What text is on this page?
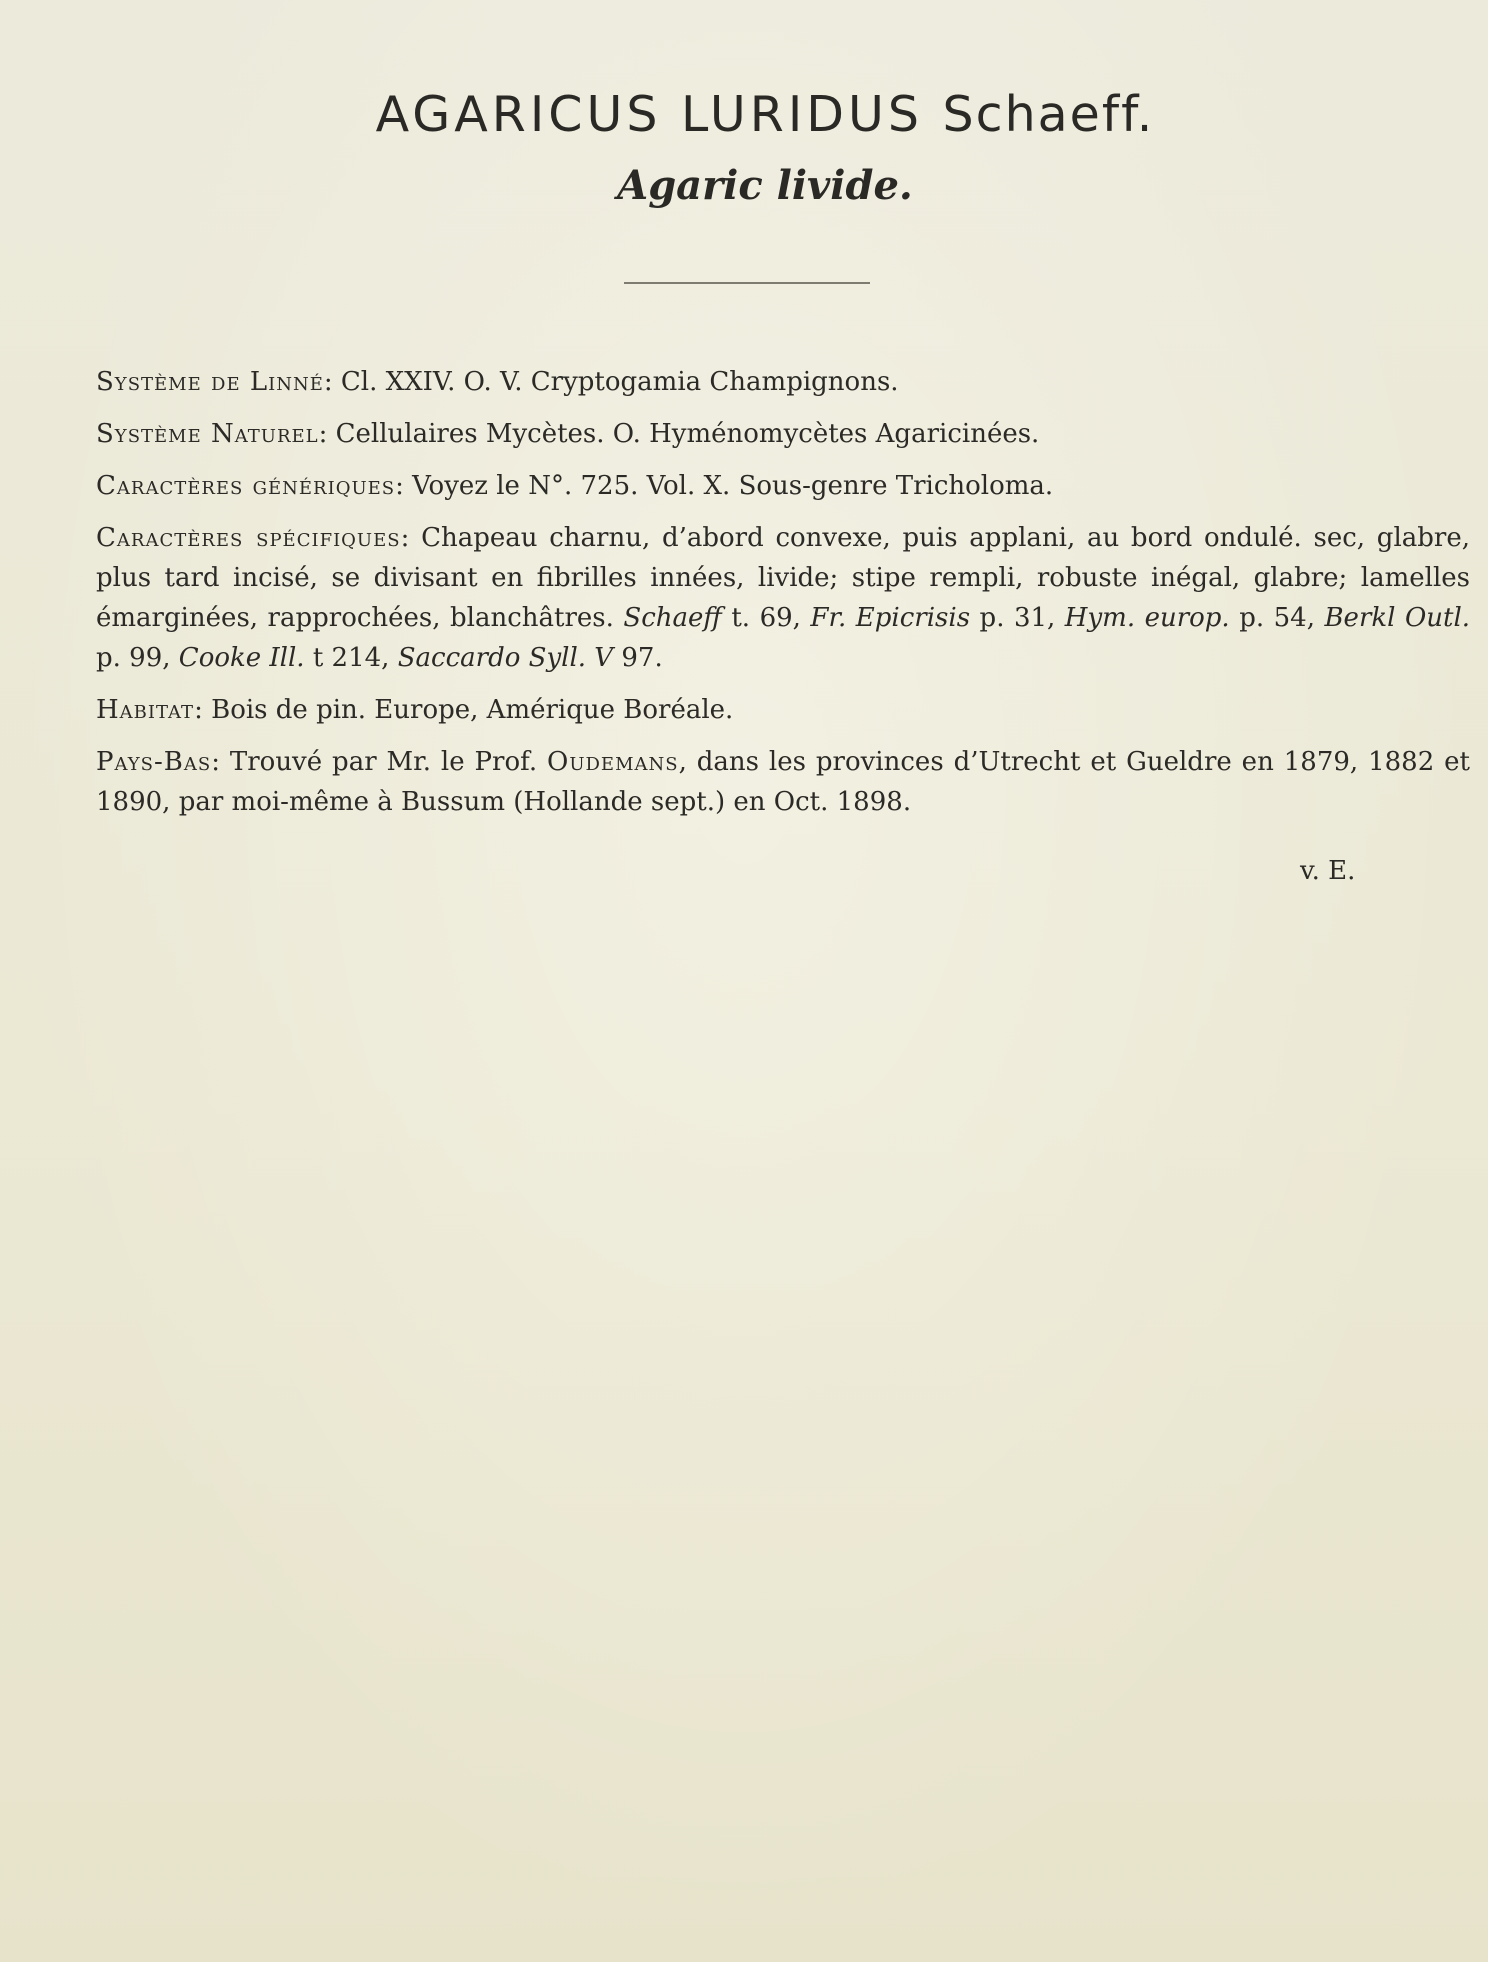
AGARICUS LURIDUS Schaeff.
Agaric livide.

Système de Linné: Cl. XXIV. O. V. Cryptogamia Champignons.

Système Naturel: Cellulaires Mycètes. O. Hyménomycètes Agaricinées.

Caractères génériques: Voyez le N°. 725. Vol. X. Sous-genre Tricholoma.

Caractères spécifiques: Chapeau charnu, d’abord convexe, puis applani, au bord ondulé. sec, glabre, plus tard incisé, se divisant en fibrilles innées, livide; stipe rempli, robuste inégal, glabre; lamelles émarginées, rapprochées, blanchâtres. Schaeff t. 69, Fr. Epicrisis p. 31, Hym. europ. p. 54, Berkl Outl. p. 99, Cooke Ill. t 214, Saccardo Syll. V 97.

Habitat: Bois de pin. Europe, Amérique Boréale.

Pays-Bas: Trouvé par Mr. le Prof. Oudemans, dans les provinces d’Utrecht et Gueldre en 1879, 1882 et 1890, par moi-même à Bussum (Hollande sept.) en Oct. 1898.

v. E.
